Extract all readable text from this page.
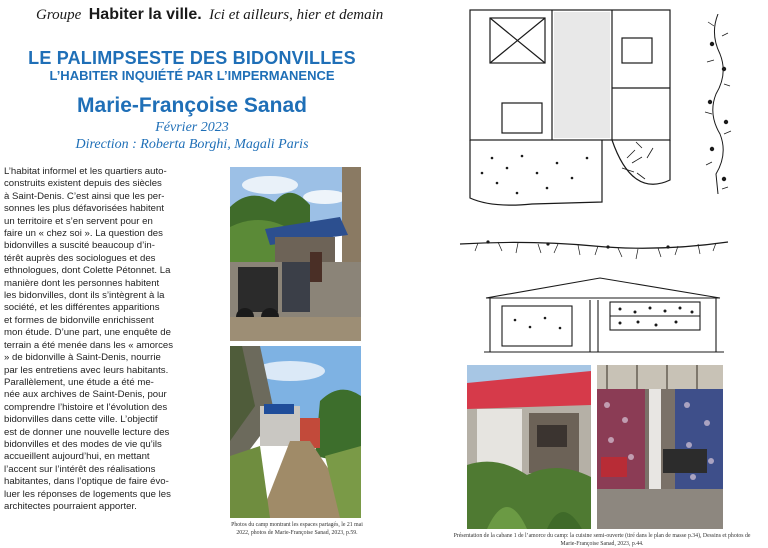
Groupe Habiter la ville. Ici et ailleurs, hier et demain
LE PALIMPSESTE DES BIDONVILLES
L’HABITER INQUIÉTÉ PAR L’IMPERMANENCE
Marie-Françoise Sanad
Février 2023
Direction : Roberta Borghi, Magali Paris
L’habitat informel et les quartiers auto-
construits existent depuis des siècles
à Saint-Denis. C’est ainsi que les per-
sonnes les plus défavorisées habitent
un territoire et s’en servent pour en
faire un « chez soi ». La question des
bidonvilles a suscité beaucoup d’in-
térêt auprès des sociologues et des
ethnologues, dont Colette Pétonnet. La
manière dont les personnes habitent
les bidonvilles, dont ils s’intègrent à la
société, et les différentes apparitions
et formes de bidonville enrichissent
mon étude. D’une part, une enquête de
terrain a été menée dans les « amorces
» de bidonville à Saint-Denis, nourrie
par les entretiens avec leurs habitants.
Parallèlement, une étude a été me-
née aux archives de Saint-Denis, pour
comprendre l’histoire et l’évolution des
bidonvilles dans cette ville. L’objectif
est de donner une nouvelle lecture des
bidonvilles et des modes de vie qu’ils
accueillent aujourd’hui, en mettant
l’accent sur l’intérêt des réalisations
habitantes, dans l’optique de faire évo-
luer les réponses de logements que les
architectes pourraient apporter.
Photos du camp montrant les espaces partagés, le 21 mai
2022, photos de Marie-Françoise Sanad, 2023, p.59.	Présentation de la cabane 1 de l’amorce du camp: la cuisine semi-ouverte (tiré dans le plan de masse p.34), Dessins et photos de
Marie-Françoise Sanad, 2023, p.44.
